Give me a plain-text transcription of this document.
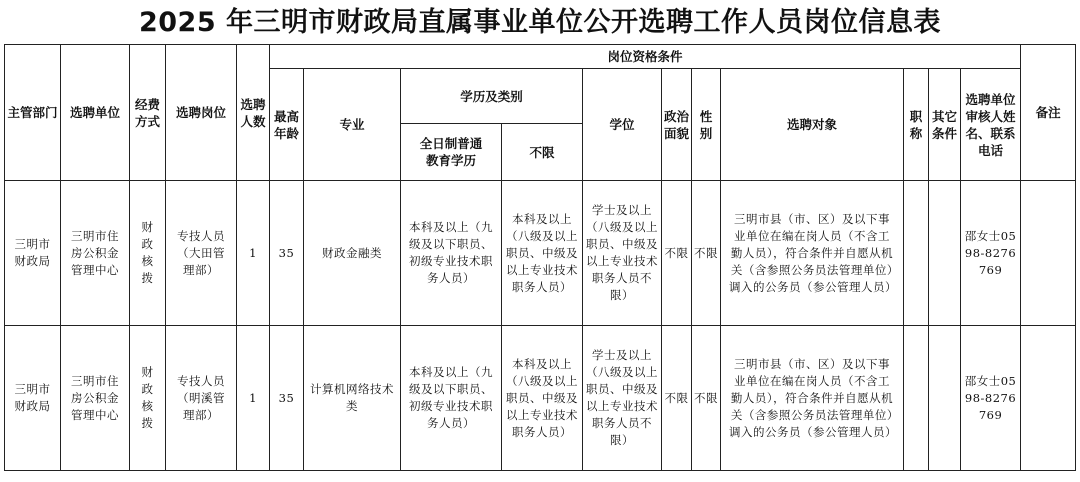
2025 年三明市财政局直属事业单位公开选聘工作人员岗位信息表
主管部门	选聘单位	经费方式	选聘岗位	选聘人数	岗位资格条件											备注
					最高年龄	专业	学历及类别		学位	政治面貌	性别	选聘对象	职称	其它条件	选聘单位审核人姓名、联系电话	
							全日制普通教育学历	不限								
三明市财政局	三明市住房公积金管理中心	财政核拨	专技人员（大田管理部）	1	35	财政金融类	本科及以上（九级及以下职员、初级专业技术职务人员）	本科及以上（八级及以上职员、中级及以上专业技术职务人员）	学士及以上（八级及以上职员、中级及以上专业技术职务人员不限）	不限	不限	三明市县（市、区）及以下事业单位在编在岗人员（不含工勤人员），符合条件并自愿从机关（含参照公务员法管理单位）调入的公务员（参公管理人员）			邵女士0598-8276769	
三明市财政局	三明市住房公积金管理中心	财政核拨	专技人员（明溪管理部）	1	35	计算机网络技术类	本科及以上（九级及以下职员、初级专业技术职务人员）	本科及以上（八级及以上职员、中级及以上专业技术职务人员）	学士及以上（八级及以上职员、中级及以上专业技术职务人员不限）	不限	不限	三明市县（市、区）及以下事业单位在编在岗人员（不含工勤人员），符合条件并自愿从机关（含参照公务员法管理单位）调入的公务员（参公管理人员）			邵女士0598-8276769	
